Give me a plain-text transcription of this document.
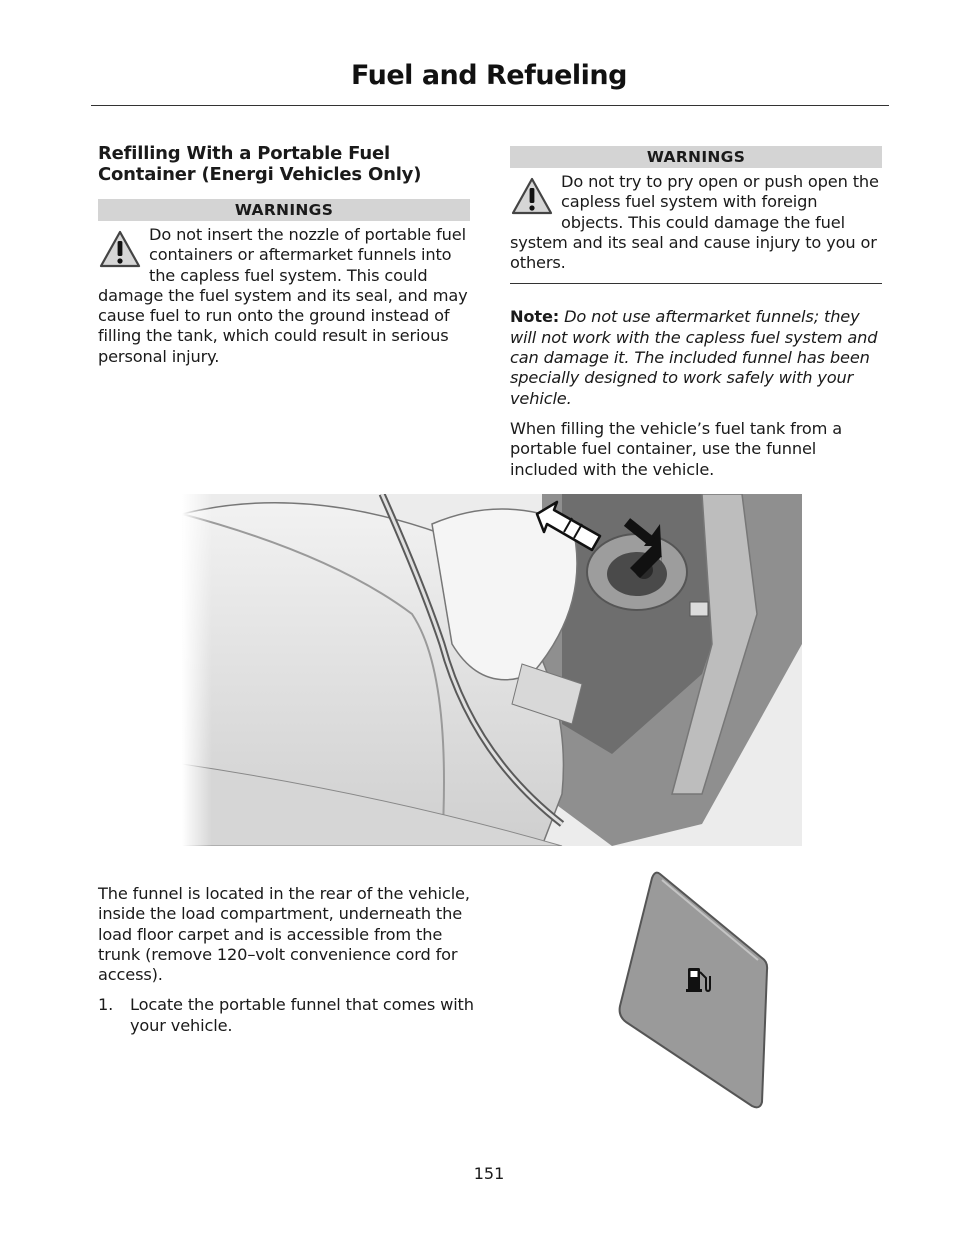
Fuel and Refueling
Refilling With a Portable Fuel Container (Energi Vehicles Only)
WARNINGS
Do not insert the nozzle of portable fuel containers or aftermarket funnels into the capless fuel system. This could damage the fuel system and its seal, and may cause fuel to run onto the ground instead of filling the tank, which could result in serious personal injury.
WARNINGS
Do not try to pry open or push open the capless fuel system with foreign objects. This could damage the fuel system and its seal and cause injury to you or others.
Note: Do not use aftermarket funnels; they will not work with the capless fuel system and can damage it. The included funnel has been specially designed to work safely with your vehicle.
When filling the vehicle’s fuel tank from a portable fuel container, use the funnel included with the vehicle.
The funnel is located in the rear of the vehicle, inside the load compartment, underneath the load floor carpet and is accessible from the trunk (remove 120–volt convenience cord for access).
1.	Locate the portable funnel that comes with your vehicle.
151
